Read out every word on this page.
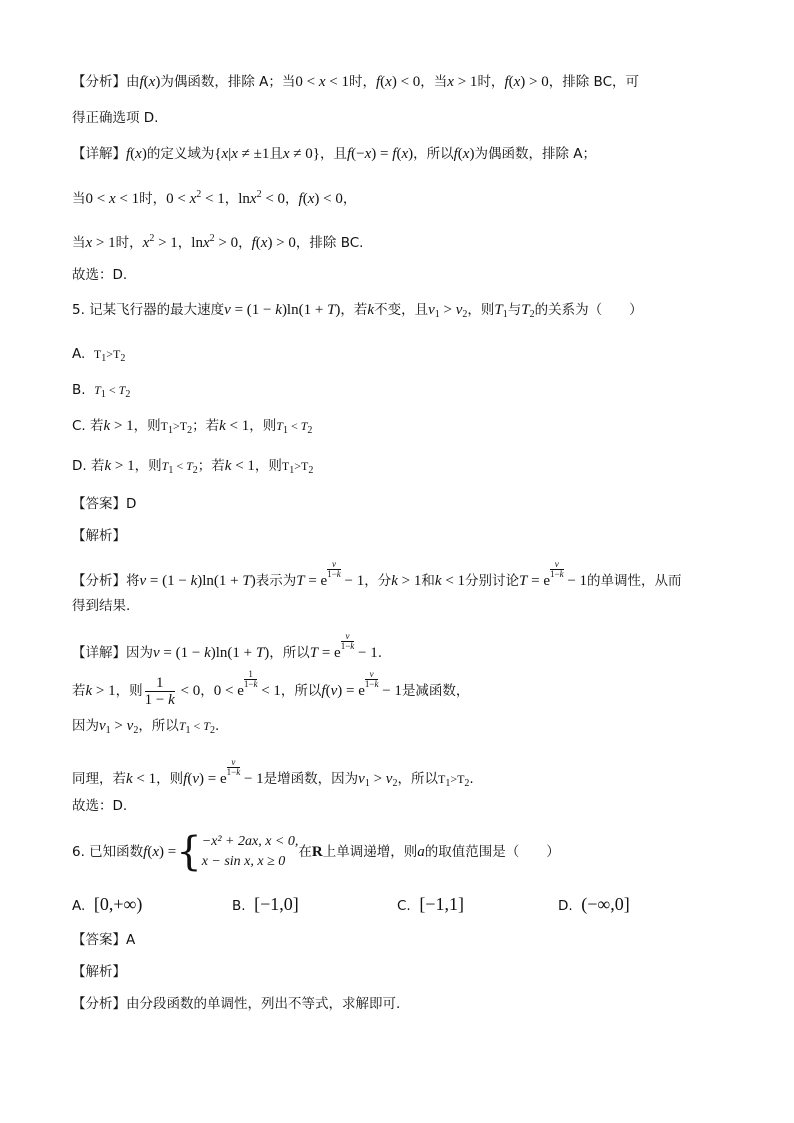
【分析】由f(x)为偶函数，排除 A；当0 < x < 1时，f(x) < 0，当x > 1时，f(x) > 0，排除 BC，可
得正确选项 D.
【详解】f(x)的定义域为{x|x ≠ ±1且x ≠ 0}，且f(−x) = f(x)，所以f(x)为偶函数，排除 A；
当0 < x < 1时，$0 < x^2 < 1$，lnx$^2$ < 0，f(x) < 0，
当x > 1时，$x^2 > 1$，lnx$^2$ > 0，f(x) > 0，排除 BC.
故选：D.
5. 记某飞行器的最大速度v = (1 − k)ln(1 + T)，若k不变，且$v_1 > v_2$，则$T_1$与$T_2$的关系为（　　）
A. $T_1>T_2$
B. $T_1 < T_2$
C. 若k > 1，则$T_1>T_2$；若k < 1，则$T_1 < T_2$
D. 若k > 1，则$T_1 < T_2$；若k < 1，则$T_1>T_2$
【答案】D
【解析】
【分析】将v = (1 − k)ln(1 + T)表示为T = e
$\frac{v}{1-k}$
− 1，分k > 1和k < 1分别讨论T = e
$\frac{v}{1-k}$
− 1的单调性，从而
得到结果.
【详解】因为v = (1 − k)ln(1 + T)，所以T = e
$\frac{v}{1-k}$
− 1.
若k > 1，则 $\frac{1}{1 - k} < 0$，0 < e
$\frac{1}{1-k}$
< 1，所以f(v) = e
$\frac{v}{1-k}$
− 1是减函数，
因为$v_1 > v_2$，所以$T_1 < T_2$.
同理，若k < 1，则f(v) = e
$\frac{v}{1-k}$
− 1是增函数，因为$v_1 > v_2$，所以$T_1>T_2$.
故选：D.
6. 已知函数f(x) ={ −x² + 2ax, x < 0,
x − sin x, x ≥ 0
在R上单调递增，则a的取值范围是（　　）
A. [0,+∞)	B. [−1,0]	C. [−1,1]	D. (−∞,0]
【答案】A
【解析】
【分析】由分段函数的单调性，列出不等式，求解即可.
